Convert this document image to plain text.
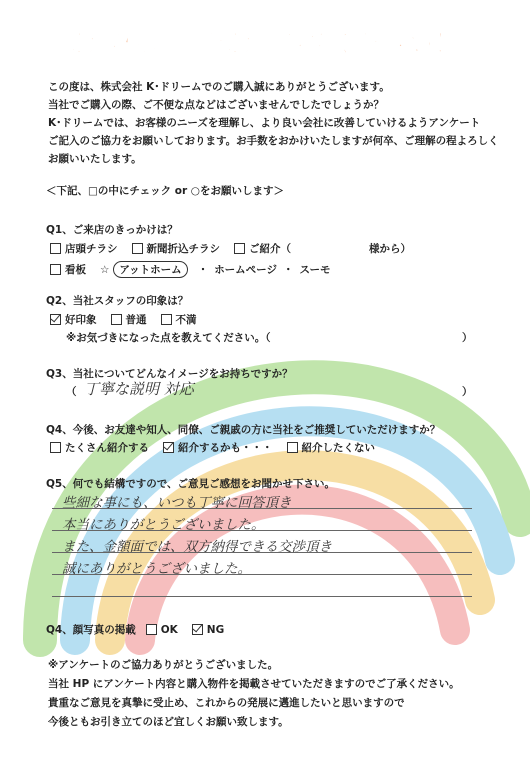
お客様の声をお聞かせください！
この度は、株式会社 K･ドリームでのご購入誠にありがとうございます。
当社でご購入の際、ご不便な点などはございませんでしたでしょうか？
K･ドリームでは、お客様のニーズを理解し、より良い会社に改善していけるようアンケート
ご記入のご協力をお願いしております。お手数をおかけいたしますが何卒、ご理解の程よろしく
お願いいたします。
＜下記、□の中にチェック or ○をお願いします＞
Q1、ご来店のきっかけは？
店頭チラシ	新聞折込チラシ	ご紹介（	様から）
看板 ☆ アットホーム	・ ホームページ ・ スーモ
Q2、当社スタッフの印象は？
好印象	普通	不満
※お気づきになった点を教えてください。（	）
Q3、当社についてどんなイメージをお持ちですか？
（ 丁寧な説明 対応	）
Q4、今後、お友達や知人、同僚、ご親戚の方に当社をご推奨していただけますか？
たくさん紹介する	紹介するかも・・・	紹介したくない
Q5、何でも結構ですので、ご意見ご感想をお聞かせ下さい。
些細な事にも、いつも丁寧に回答頂き
本当にありがとうございました。
また、金額面では、双方納得できる交渉頂き
誠にありがとうございました。
Q4、顔写真の掲載 OK	NG
※アンケートのご協力ありがとうございました。
当社 HP にアンケート内容と購入物件を掲載させていただきますのでご了承ください。
貴重なご意見を真摯に受止め、これからの発展に邁進したいと思いますので
今後ともお引き立てのほど宜しくお願い致します。
